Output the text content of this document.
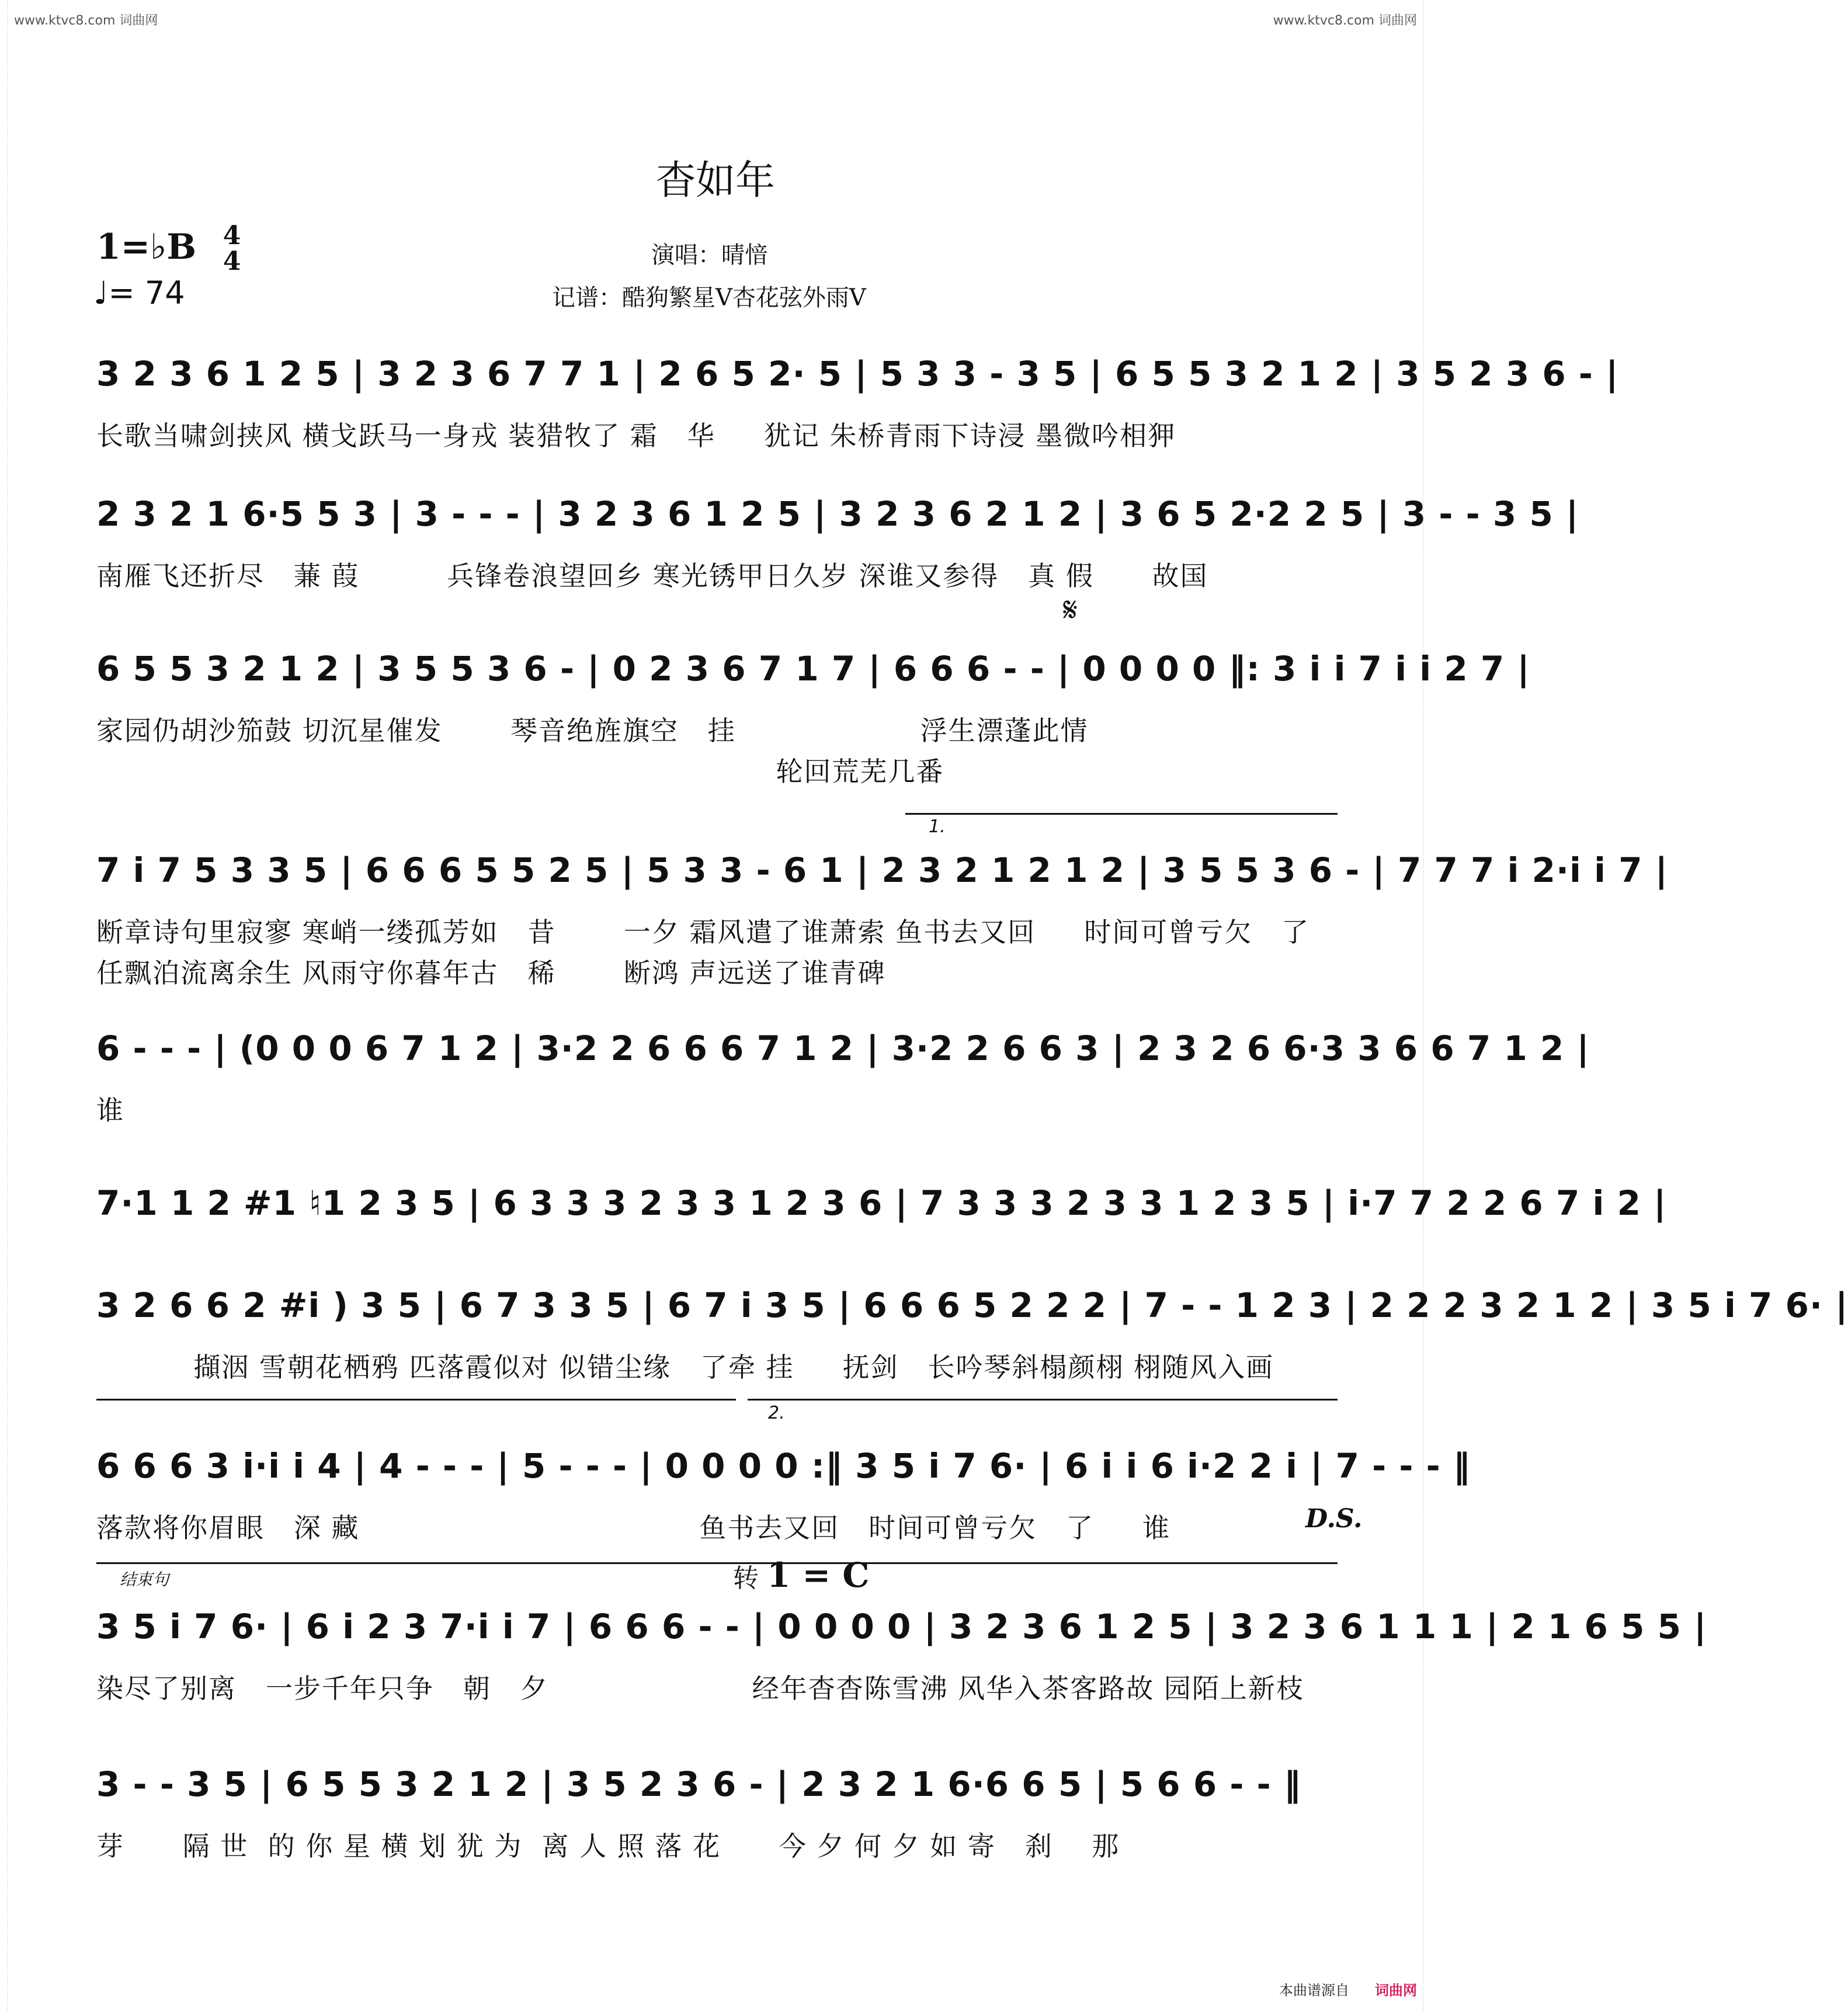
www.ktvc8.com 词曲网	www.ktvc8.com 词曲网
杳如年
1=♭B 4
4
♩= 74
演唱：晴愔
记谱：酷狗繁星V杏花弦外雨V
3 2 3 6 1 2 5 | 3 2 3 6 7 7 1 | 2 6 5 2· 5 | 5 3 3 - 3 5 | 6 5 5 3 2 1 2 | 3 5 2 3 6 - |
长歌当啸剑挟风 横戈跃马一身戎 装猎牧了 霜   华     犹记 朱桥青雨下诗浸 墨微吟相狎
2 3 2 1 6·5 5 3 | 3 - - - | 3 2 3 6 1 2 5 | 3 2 3 6 2 1 2 | 3 6 5 2·2 2 5 | 3 - - 3 5 |
南雁飞还折尽   蒹 葭         兵锋卷浪望回乡 寒光锈甲日久岁 深谁又参得   真 假      故国
𝄋
6 5 5 3 2 1 2 | 3 5 5 3 6 - | 0 2 3 6 7 1 7 | 6 6 6 - - | 0 0 0 0 ‖: 3 i i 7 i i 2 7 |
家园仍胡沙笳鼓 切沉星催发       琴音绝旌旗空   挂                   浮生漂蓬此情
轮回荒芜几番
1.
7 i 7 5 3 3 5 | 6 6 6 5 5 2 5 | 5 3 3 - 6 1 | 2 3 2 1 2 1 2 | 3 5 5 3 6 - | 7 7 7 i 2·i i 7 |
断章诗句里寂寥 寒峭一缕孤芳如   昔       一夕 霜风遣了谁萧索 鱼书去又回     时间可曾亏欠   了
任飘泊流离余生 风雨守你暮年古   稀       断鸿 声远送了谁青碑
6 - - - | (0 0 0 6 7 1 2 | 3·2 2 6 6 6 7 1 2 | 3·2 2 6 6 3 | 2 3 2 6 6·3 3 6 6 7 1 2 |
谁
7·1 1 2 #1 ♮1 2 3 5 | 6 3 3 3 2 3 3 1 2 3 6 | 7 3 3 3 2 3 3 1 2 3 5 | i·7 7 2 2 6 7 i 2 |
3 2 6 6 2 #i ) 3 5 | 6 7 3 3 5 | 6 7 i 3 5 | 6 6 6 5 2 2 2 | 7 - - 1 2 3 | 2 2 2 3 2 1 2 | 3 5 i 7 6· |
擷洇 雪朝花栖鸦 匹落霞似对 似错尘缘   了牵 挂     抚剑   长吟琴斜榻颜栩 栩随风入画
2.
6 6 6 3 i·i i 4 | 4 - - - | 5 - - - | 0 0 0 0 :‖ 3 5 i 7 6· | 6 i i 6 i·2 2 i | 7 - - - ‖
落款将你眉眼   深 藏                                   鱼书去又回   时间可曾亏欠   了     谁	D.S.
结束句	转 1 = C
3 5 i 7 6· | 6 i 2 3 7·i i 7 | 6 6 6 - - | 0 0 0 0 | 3 2 3 6 1 2 5 | 3 2 3 6 1 1 1 | 2 1 6 5 5 |
染尽了别离   一步千年只争   朝   夕                     经年杳杳陈雪沸 风华入茶客路故 园陌上新枝
3 - - 3 5 | 6 5 5 3 2 1 2 | 3 5 2 3 6 - | 2 3 2 1 6·6 6 5 | 5 6 6 - - ‖
芽      隔 世  的 你 星 横 划 犹 为  离 人 照 落 花      今 夕 何 夕 如 寄   刹    那
本曲谱源自 词曲网
